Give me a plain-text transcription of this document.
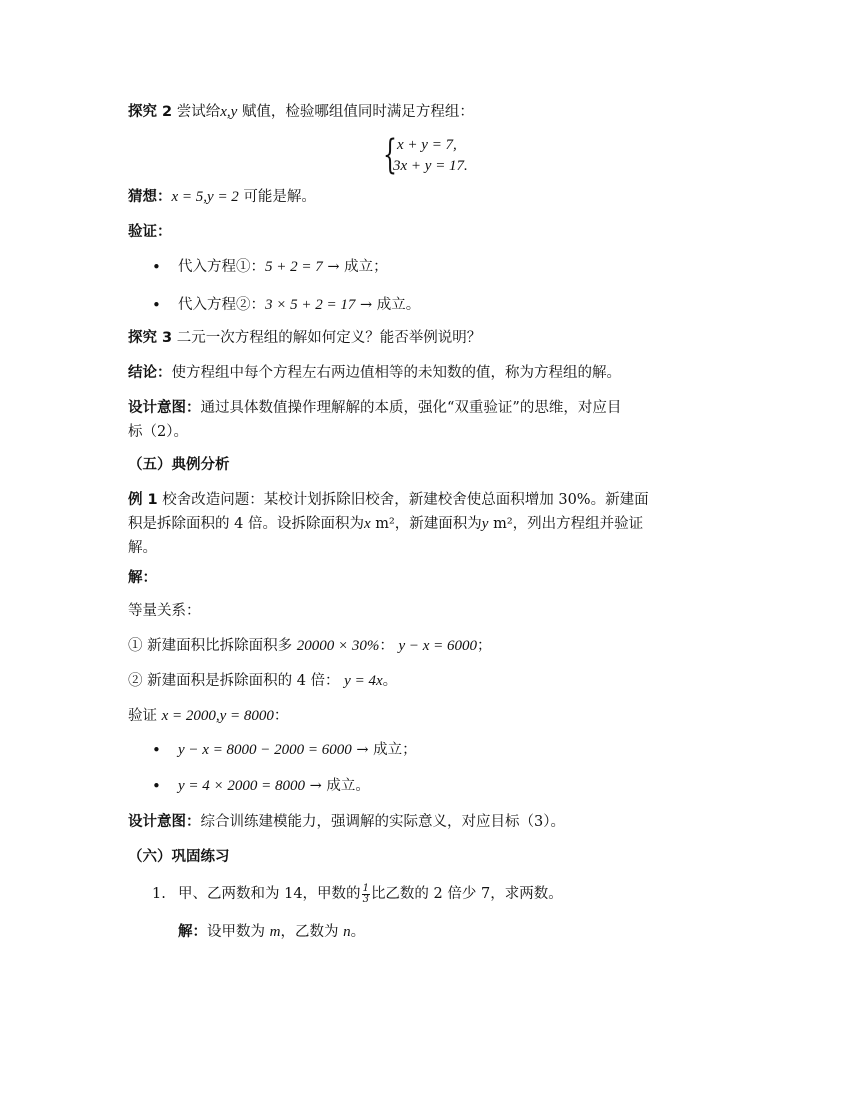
探究 2 尝试给x,y 赋值，检验哪组值同时满足方程组：

{ x + y = 7,
3x + y = 17.

猜想：x = 5,y = 2 可能是解。

验证：

• 代入方程①：5 + 2 = 7 → 成立；
• 代入方程②：3 × 5 + 2 = 17 → 成立。

探究 3 二元一次方程组的解如何定义？能否举例说明？

结论：使方程组中每个方程左右两边值相等的未知数的值，称为方程组的解。

设计意图：通过具体数值操作理解解的本质，强化“双重验证”的思维，对应目
标（2）。

（五）典例分析

例 1 校舍改造问题：某校计划拆除旧校舍，新建校舍使总面积增加 30%。新建面
积是拆除面积的 4 倍。设拆除面积为x m²，新建面积为y m²，列出方程组并验证
解。

解：

等量关系：

① 新建面积比拆除面积多 20000 × 30%： y − x = 6000；

② 新建面积是拆除面积的 4 倍： y = 4x。

验证 x = 2000,y = 8000：

• y − x = 8000 − 2000 = 6000 → 成立；
• y = 4 × 2000 = 8000 → 成立。

设计意图：综合训练建模能力，强调解的实际意义，对应目标（3）。

（六）巩固练习

1. 甲、乙两数和为 14，甲数的 $\frac{1}{3}$ 比乙数的 2 倍少 7，求两数。

解：设甲数为 m，乙数为 n。
